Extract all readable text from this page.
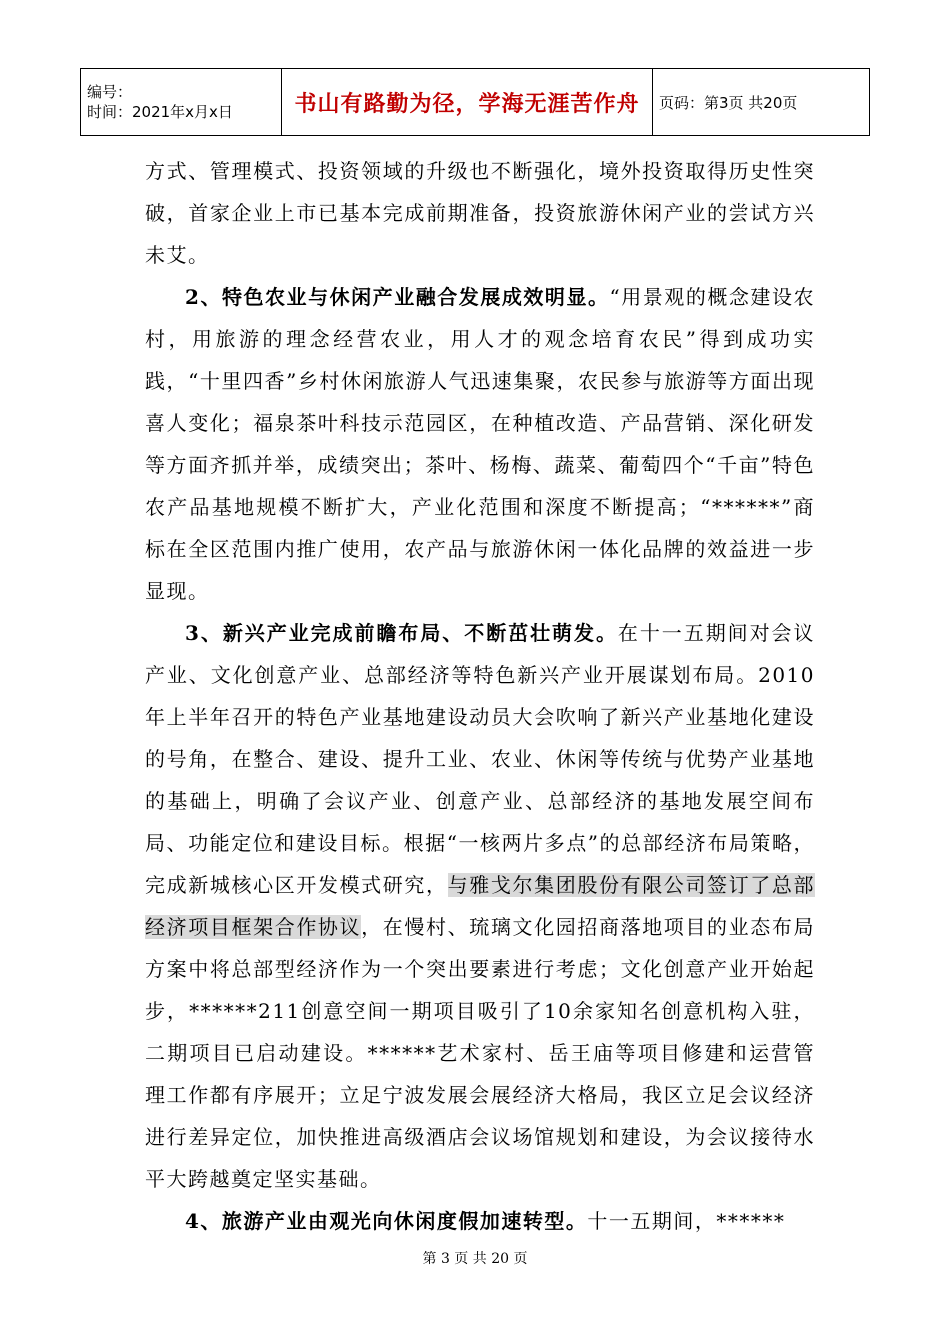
编号：
时间：2021年x月x日	书山有路勤为径，学海无涯苦作舟	页码：第3页 共20页

方式、管理模式、投资领域的升级也不断强化，境外投资取得历史性突破，首家企业上市已基本完成前期准备，投资旅游休闲产业的尝试方兴未艾。

2、特色农业与休闲产业融合发展成效明显。“用景观的概念建设农村，用旅游的理念经营农业，用人才的观念培育农民”得到成功实践，“十里四香”乡村休闲旅游人气迅速集聚，农民参与旅游等方面出现喜人变化；福泉茶叶科技示范园区，在种植改造、产品营销、深化研发等方面齐抓并举，成绩突出；茶叶、杨梅、蔬菜、葡萄四个“千亩”特色农产品基地规模不断扩大，产业化范围和深度不断提高；“******”商标在全区范围内推广使用，农产品与旅游休闲一体化品牌的效益进一步显现。

3、新兴产业完成前瞻布局、不断茁壮萌发。在十一五期间对会议产业、文化创意产业、总部经济等特色新兴产业开展谋划布局。2010年上半年召开的特色产业基地建设动员大会吹响了新兴产业基地化建设的号角，在整合、建设、提升工业、农业、休闲等传统与优势产业基地的基础上，明确了会议产业、创意产业、总部经济的基地发展空间布局、功能定位和建设目标。根据“一核两片多点”的总部经济布局策略，完成新城核心区开发模式研究，与雅戈尔集团股份有限公司签订了总部经济项目框架合作协议，在慢村、琉璃文化园招商落地项目的业态布局方案中将总部型经济作为一个突出要素进行考虑；文化创意产业开始起步，******211创意空间一期项目吸引了10余家知名创意机构入驻，二期项目已启动建设。******艺术家村、岳王庙等项目修建和运营管理工作都有序展开；立足宁波发展会展经济大格局，我区立足会议经济进行差异定位，加快推进高级酒店会议场馆规划和建设，为会议接待水平大跨越奠定坚实基础。

4、旅游产业由观光向休闲度假加速转型。十一五期间，******

第 3 页 共 20 页
